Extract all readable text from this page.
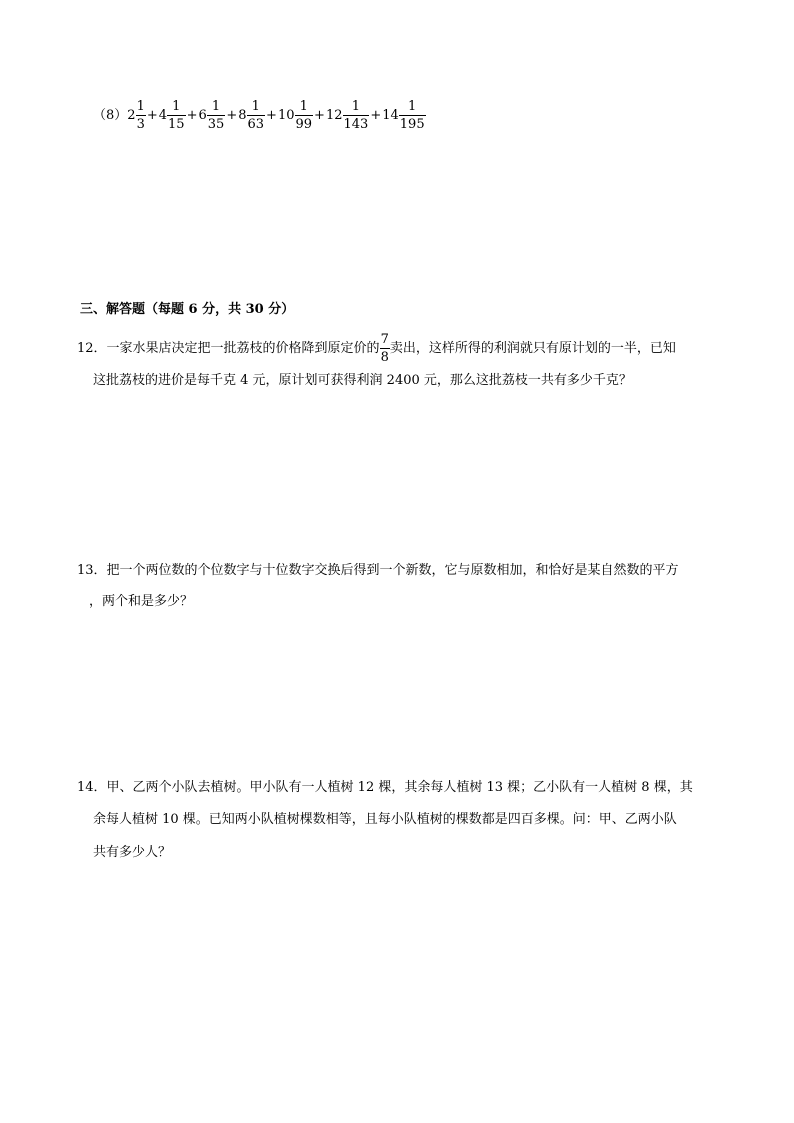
（8） $2 \frac{1}{3} + 4 \frac{1}{15} + 6 \frac{1}{35} + 8 \frac{1}{63} + 10 \frac{1}{99} + 12 \frac{1}{143} + 14 \frac{1}{195}$
三、解答题（每题 6 分，共 30 分）
12． 一家水果店决定把一批荔枝的价格降到原定价的 $\frac{7}{8}$ 卖出，这样所得的利润就只有原计划的一半，已知
这批荔枝的进价是每千克 4 元，原计划可获得利润 2400 元，那么这批荔枝一共有多少千克？
13．把一个两位数的个位数字与十位数字交换后得到一个新数，它与原数相加，和恰好是某自然数的平方
，两个和是多少？
14．甲、乙两个小队去植树。甲小队有一人植树 12 棵，其余每人植树 13 棵；乙小队有一人植树 8 棵，其
余每人植树 10 棵。已知两小队植树棵数相等，且每小队植树的棵数都是四百多棵。问：甲、乙两小队
共有多少人？
